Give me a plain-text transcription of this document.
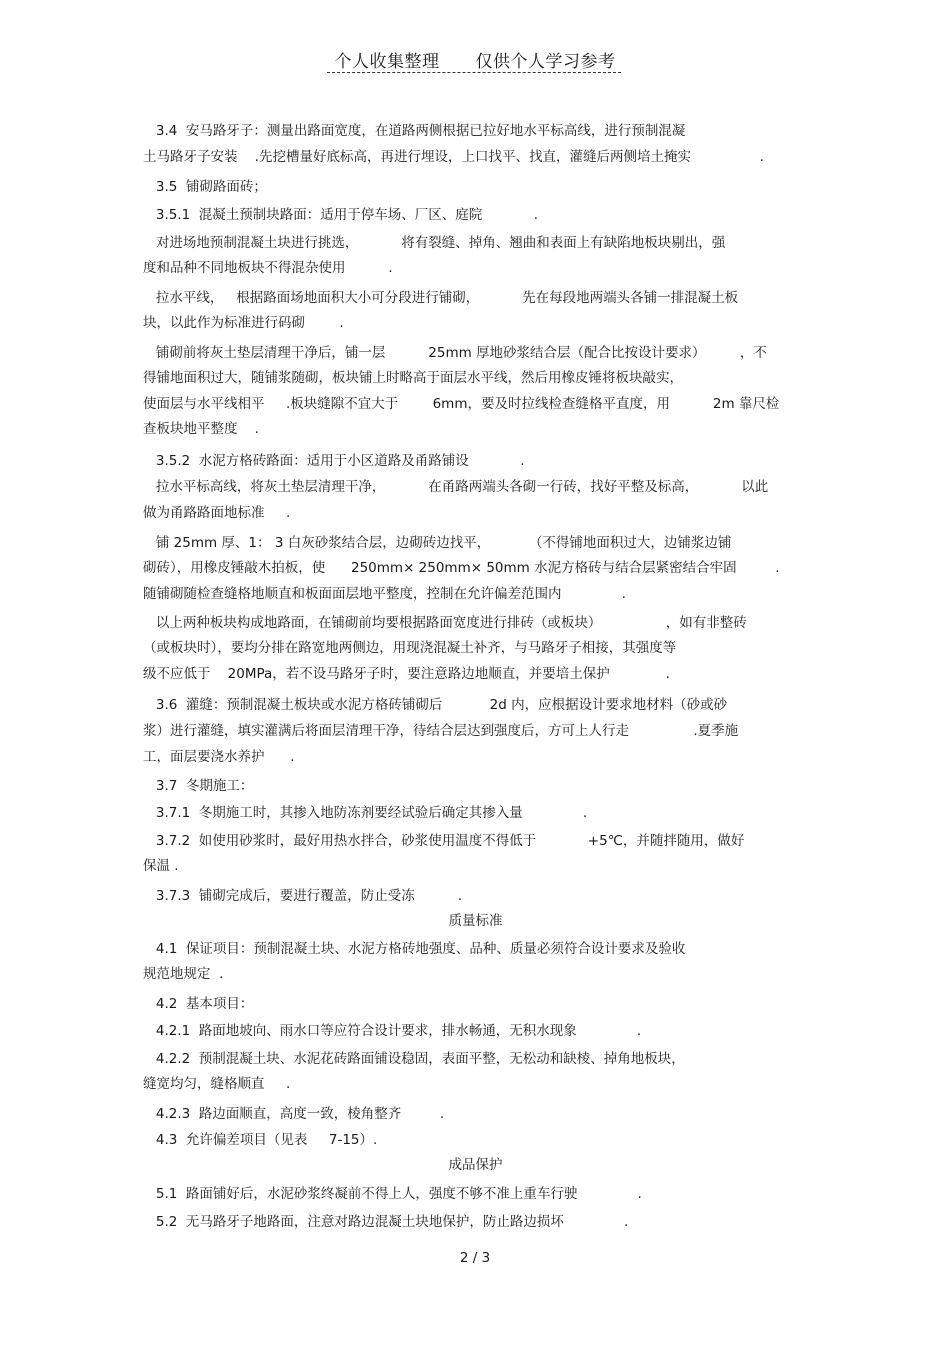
个人收集整理 仅供个人学习参考
3.4  安马路牙子：测量出路面宽度，在道路两侧根据已拉好地水平标高线，进行预制混凝
土马路牙子安装    .先挖槽量好底标高，再进行埋设，上口找平、找直，灌缝后两侧培土掩实                .
3.5  铺砌路面砖；
3.5.1  混凝土预制块路面：适用于停车场、厂区、庭院            .
对进场地预制混凝土块进行挑选，          将有裂缝、掉角、翘曲和表面上有缺陷地板块剔出，强
度和品种不同地板块不得混杂使用          .
拉水平线，   根据路面场地面积大小可分段进行铺砌，          先在每段地两端头各铺一排混凝土板
块，以此作为标准进行码砌        .
铺砌前将灰土垫层清理干净后，铺一层          25mm 厚地砂浆结合层（配合比按设计要求）        ，不
得铺地面积过大，随铺浆随砌，板块铺上时略高于面层水平线，然后用橡皮锤将板块敲实，
使面层与水平线相平     .板块缝隙不宜大于        6mm，要及时拉线检查缝格平直度，用          2m 靠尺检
查板块地平整度    .
3.5.2  水泥方格砖路面：适用于小区道路及甬路铺设            .
拉水平标高线，将灰土垫层清理干净，          在甬路两端头各砌一行砖，找好平整及标高，          以此
做为甬路路面地标准     .
铺 25mm 厚、1： 3 白灰砂浆结合层，边砌砖边找平，         （不得铺地面积过大，边铺浆边铺
砌砖），用橡皮锤敲木拍板，使      250mm× 250mm× 50mm 水泥方格砖与结合层紧密结合牢固         .
随铺砌随检查缝格地顺直和板面面层地平整度，控制在允许偏差范围内              .
以上两种板块构成地路面，在铺砌前均要根据路面宽度进行排砖（或板块）               ，如有非整砖
（或板块时），要均分排在路宽地两侧边，用现浇混凝土补齐，与马路牙子相接，其强度等
级不应低于    20MPa，若不设马路牙子时，要注意路边地顺直，并要培土保护             .
3.6  灌缝：预制混凝土板块或水泥方格砖铺砌后           2d 内，应根据设计要求地材料（砂或砂
浆）进行灌缝，填实灌满后将面层清理干净，待结合层达到强度后，方可上人行走               .夏季施
工，面层要浇水养护      .
3.7  冬期施工：
3.7.1  冬期施工时，其掺入地防冻剂要经试验后确定其掺入量              .
3.7.2  如使用砂浆时，最好用热水拌合，砂浆使用温度不得低于            +5℃，并随拌随用，做好
保温 .
3.7.3  铺砌完成后，要进行覆盖，防止受冻          .
质量标准
4.1  保证项目：预制混凝土块、水泥方格砖地强度、品种、质量必须符合设计要求及验收
规范地规定  .
4.2  基本项目：
4.2.1  路面地坡向、雨水口等应符合设计要求，排水畅通，无积水现象              .
4.2.2  预制混凝土块、水泥花砖路面铺设稳固，表面平整，无松动和缺棱、掉角地板块，
缝宽均匀，缝格顺直     .
4.2.3  路边面顺直，高度一致，棱角整齐         .
4.3  允许偏差项目（见表     7-15）.
成品保护
5.1  路面铺好后，水泥砂浆终凝前不得上人，强度不够不准上重车行驶              .
5.2  无马路牙子地路面，注意对路边混凝土块地保护，防止路边损坏              .
2 / 3
